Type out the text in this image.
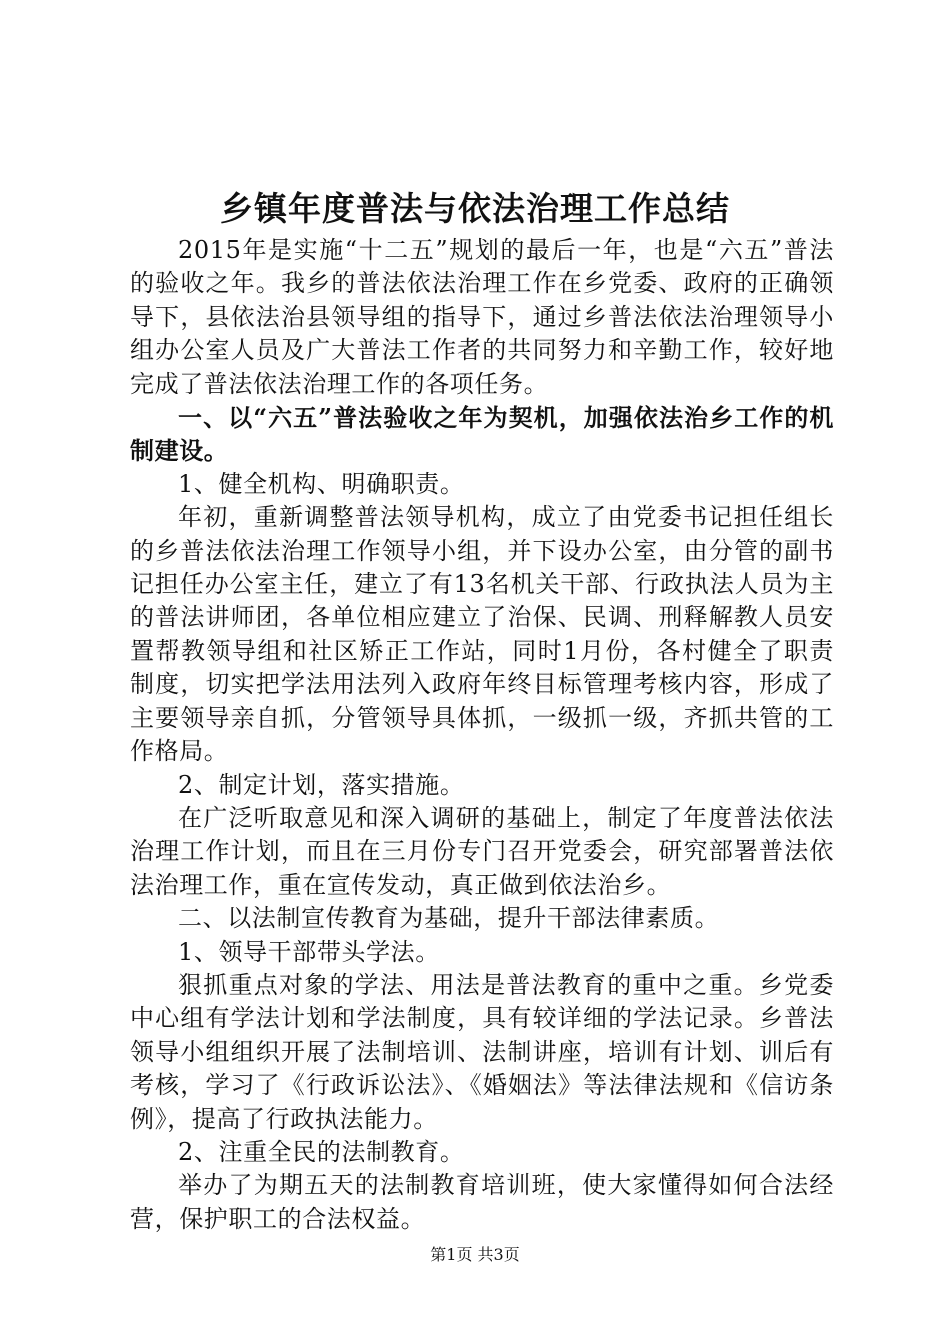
乡镇年度普法与依法治理工作总结

2015年是实施“十二五”规划的最后一年，也是“六五”普法的验收之年。我乡的普法依法治理工作在乡党委、政府的正确领导下，县依法治县领导组的指导下，通过乡普法依法治理领导小组办公室人员及广大普法工作者的共同努力和辛勤工作，较好地完成了普法依法治理工作的各项任务。

一、以“六五”普法验收之年为契机，加强依法治乡工作的机制建设。

1、健全机构、明确职责。

年初，重新调整普法领导机构，成立了由党委书记担任组长的乡普法依法治理工作领导小组，并下设办公室，由分管的副书记担任办公室主任，建立了有13名机关干部、行政执法人员为主的普法讲师团，各单位相应建立了治保、民调、刑释解教人员安置帮教领导组和社区矫正工作站，同时1月份，各村健全了职责制度，切实把学法用法列入政府年终目标管理考核内容，形成了主要领导亲自抓，分管领导具体抓，一级抓一级，齐抓共管的工作格局。

2、制定计划，落实措施。

在广泛听取意见和深入调研的基础上，制定了年度普法依法治理工作计划，而且在三月份专门召开党委会，研究部署普法依法治理工作，重在宣传发动，真正做到依法治乡。

二、以法制宣传教育为基础，提升干部法律素质。

1、领导干部带头学法。

狠抓重点对象的学法、用法是普法教育的重中之重。乡党委中心组有学法计划和学法制度，具有较详细的学法记录。乡普法领导小组组织开展了法制培训、法制讲座，培训有计划、训后有考核，学习了《行政诉讼法》、《婚姻法》等法律法规和《信访条例》，提高了行政执法能力。

2、注重全民的法制教育。

举办了为期五天的法制教育培训班，使大家懂得如何合法经营，保护职工的合法权益。

第1页 共3页
